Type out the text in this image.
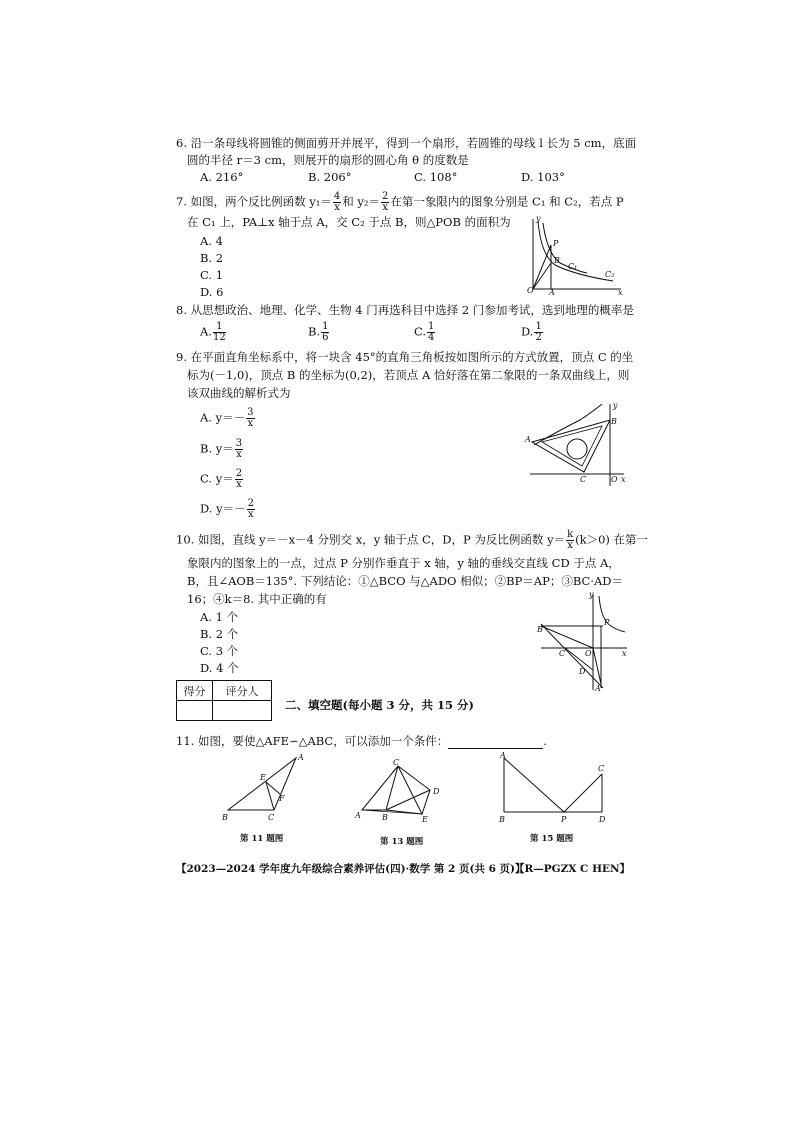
6. 沿一条母线将圆锥的侧面剪开并展平，得到一个扇形，若圆锥的母线 l 长为 5 cm，底面
圆的半径 r＝3 cm，则展开的扇形的圆心角 θ 的度数是
A. 216°	B. 206°	C. 108°	D. 103°
7. 如图，两个反比例函数 $y_1= \frac{4}{x}$ 和 $y_2= \frac{2}{x}$ 在第一象限内的图象分别是 C₁ 和 C₂，若点 P
在 C₁ 上，PA⊥x 轴于点 A，交 C₂ 于点 B，则△POB 的面积为
A. 4
B. 2
C. 1
D. 6
y
P
B
C₁
C₂
O A	x
8. 从思想政治、地理、化学、生物 4 门再选科目中选择 2 门参加考试，选到地理的概率是
A. $\frac{1}{12}$	B. $\frac{1}{6}$	C. $\frac{1}{4}$	D. $\frac{1}{2}$
9. 在平面直角坐标系中，将一块含 45°的直角三角板按如图所示的方式放置，顶点 C 的坐
标为(－1,0)，顶点 B 的坐标为(0,2)，若顶点 A 恰好落在第二象限的一条双曲线上，则
该双曲线的解析式为
A. $y=- \frac{3}{x}$
B. $y= \frac{3}{x}$
C. $y= \frac{2}{x}$
D. $y=- \frac{2}{x}$
y
B
A
C	O x
10. 如图，直线 y＝－x－4 分别交 x，y 轴于点 C，D，P 为反比例函数 $y= \frac{k}{x} (k>0)$ 在第一
象限内的图象上的一点，过点 P 分别作垂直于 x 轴，y 轴的垂线交直线 CD 于点 A，
B，且∠AOB＝135°. 下列结论：①△BCO 与△ADO 相似；②BP＝AP；③BC·AD＝
16；④k＝8. 其中正确的有
A. 1 个
B. 2 个
C. 3 个
D. 4 个
y
P
B
C O	x
D
A
得分	评分人

二、填空题(每小题 3 分，共 15 分)
11. 如图，要使△AFE∽△ABC，可以添加一个条件：	.
A
E
F
B	C
第 11 题图
C
D
A	B	E
第 13 题图
A
C
B	P	D
第 15 题图
【2023—2024 学年度九年级综合素养评估(四)·数学 第 2 页(共 6 页)】
【R—PGZX C HEN】
